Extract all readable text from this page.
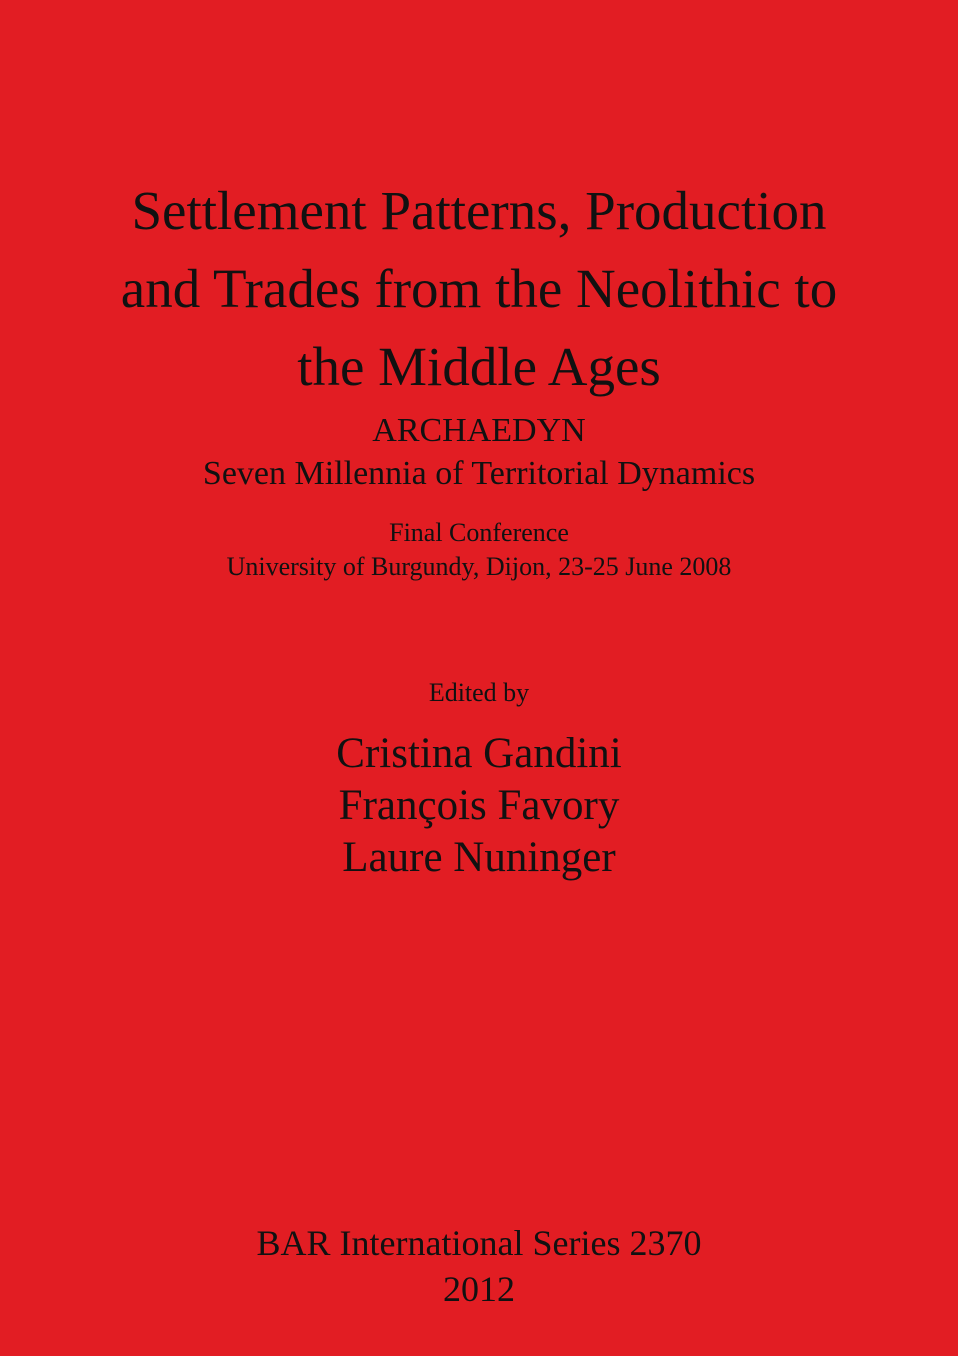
Settlement Patterns, Production
and Trades from the Neolithic to
the Middle Ages
ARCHAEDYN
Seven Millennia of Territorial Dynamics
Final Conference
University of Burgundy, Dijon, 23-25 June 2008
Edited by
Cristina Gandini
François Favory
Laure Nuninger
BAR International Series 2370
2012
